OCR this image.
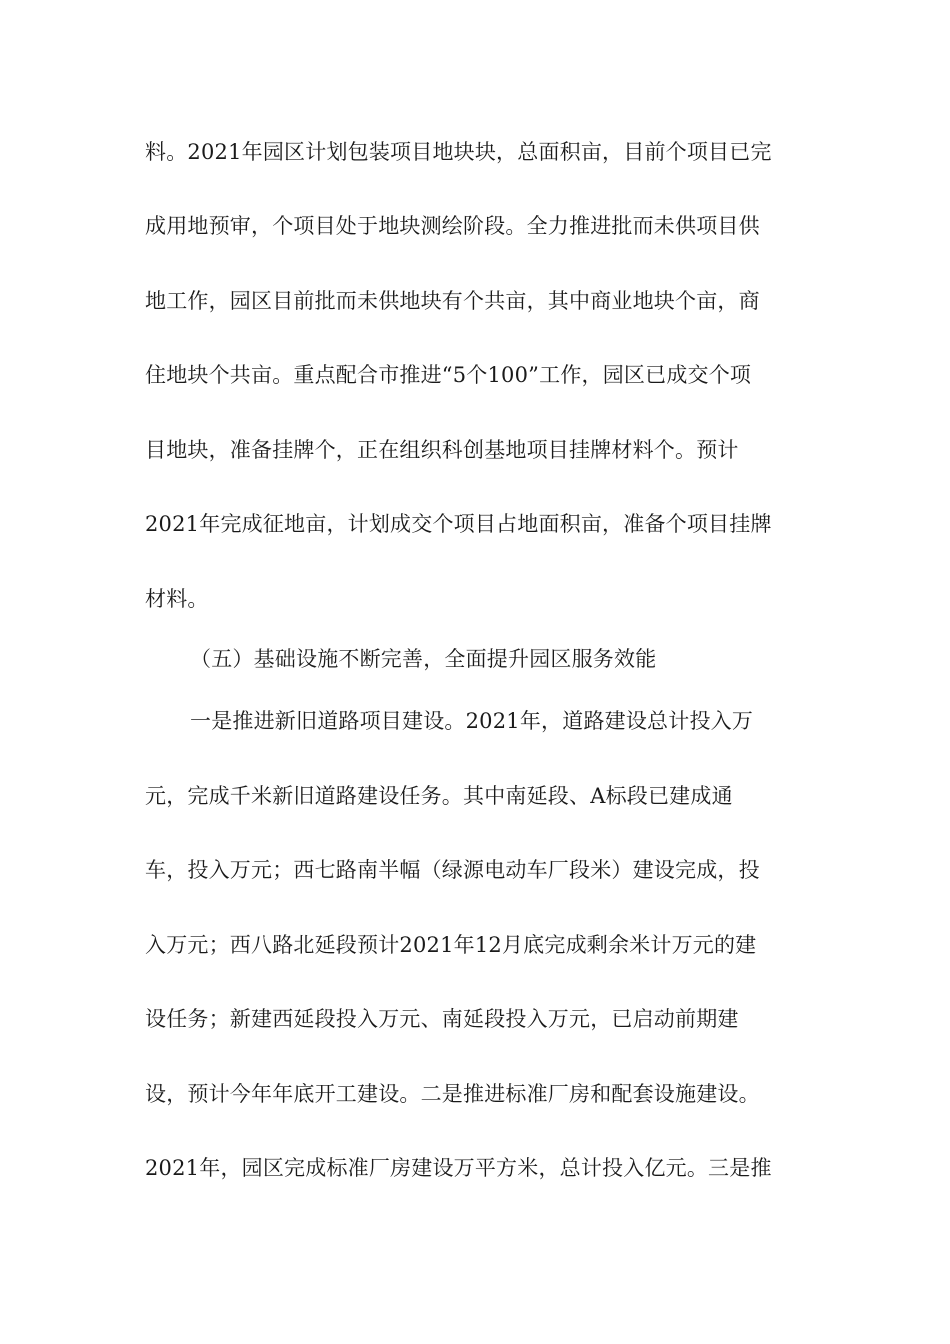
料。2021年园区计划包装项目地块块，总面积亩，目前个项目已完
成用地预审，个项目处于地块测绘阶段。全力推进批而未供项目供
地工作，园区目前批而未供地块有个共亩，其中商业地块个亩，商
住地块个共亩。重点配合市推进“5个100”工作，园区已成交个项
目地块，准备挂牌个，正在组织科创基地项目挂牌材料个。预计
2021年完成征地亩，计划成交个项目占地面积亩，准备个项目挂牌
材料。
（五）基础设施不断完善，全面提升园区服务效能
一是推进新旧道路项目建设。2021年，道路建设总计投入万
元，完成千米新旧道路建设任务。其中南延段、A标段已建成通
车，投入万元；西七路南半幅（绿源电动车厂段米）建设完成，投
入万元；西八路北延段预计2021年12月底完成剩余米计万元的建
设任务；新建西延段投入万元、南延段投入万元，已启动前期建
设，预计今年年底开工建设。二是推进标准厂房和配套设施建设。
2021年，园区完成标准厂房建设万平方米，总计投入亿元。三是推
